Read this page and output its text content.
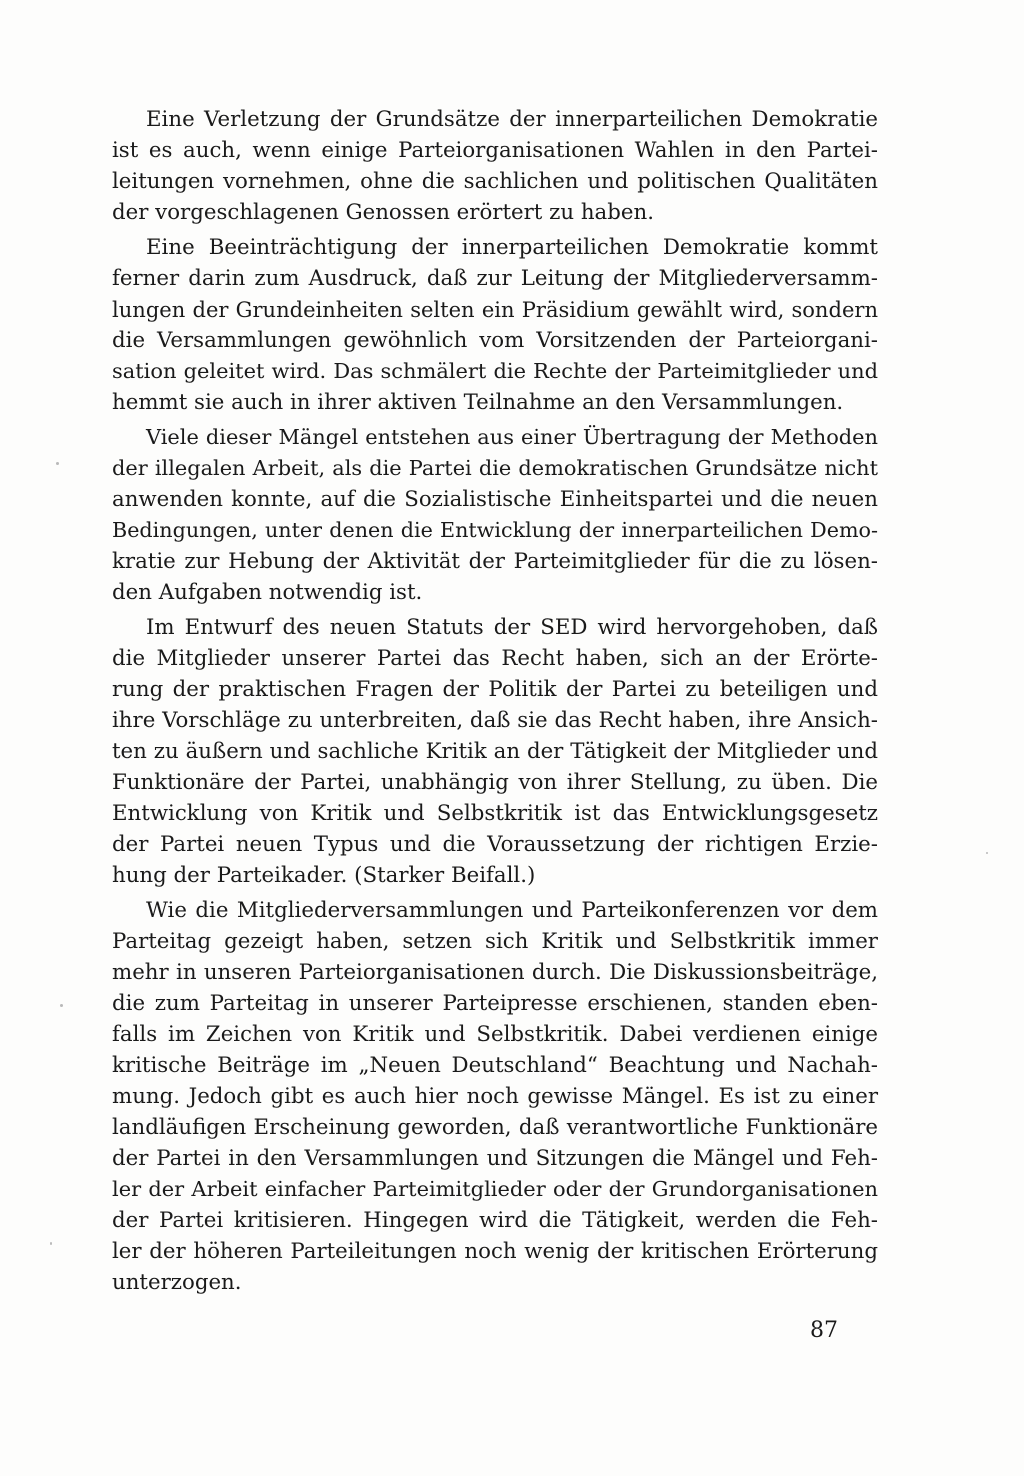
Eine Verletzung der Grundsätze der innerparteilichen Demokratie
ist es auch, wenn einige Parteiorganisationen Wahlen in den Partei-
leitungen vornehmen, ohne die sachlichen und politischen Qualitäten
der vorgeschlagenen Genossen erörtert zu haben.
Eine Beeinträchtigung der innerparteilichen Demokratie kommt
ferner darin zum Ausdruck, daß zur Leitung der Mitgliederversamm-
lungen der Grundeinheiten selten ein Präsidium gewählt wird, sondern
die Versammlungen gewöhnlich vom Vorsitzenden der Parteiorgani-
sation geleitet wird. Das schmälert die Rechte der Parteimitglieder und
hemmt sie auch in ihrer aktiven Teilnahme an den Versammlungen.
Viele dieser Mängel entstehen aus einer Übertragung der Methoden
der illegalen Arbeit, als die Partei die demokratischen Grundsätze nicht
anwenden konnte, auf die Sozialistische Einheitspartei und die neuen
Bedingungen, unter denen die Entwicklung der innerparteilichen Demo-
kratie zur Hebung der Aktivität der Parteimitglieder für die zu lösen-
den Aufgaben notwendig ist.
Im Entwurf des neuen Statuts der SED wird hervorgehoben, daß
die Mitglieder unserer Partei das Recht haben, sich an der Erörte-
rung der praktischen Fragen der Politik der Partei zu beteiligen und
ihre Vorschläge zu unterbreiten, daß sie das Recht haben, ihre Ansich-
ten zu äußern und sachliche Kritik an der Tätigkeit der Mitglieder und
Funktionäre der Partei, unabhängig von ihrer Stellung, zu üben. Die
Entwicklung von Kritik und Selbstkritik ist das Entwicklungsgesetz
der Partei neuen Typus und die Voraussetzung der richtigen Erzie-
hung der Parteikader. (Starker Beifall.)
Wie die Mitgliederversammlungen und Parteikonferenzen vor dem
Parteitag gezeigt haben, setzen sich Kritik und Selbstkritik immer
mehr in unseren Parteiorganisationen durch. Die Diskussionsbeiträge,
die zum Parteitag in unserer Parteipresse erschienen, standen eben-
falls im Zeichen von Kritik und Selbstkritik. Dabei verdienen einige
kritische Beiträge im „Neuen Deutschland“ Beachtung und Nachah-
mung. Jedoch gibt es auch hier noch gewisse Mängel. Es ist zu einer
landläufigen Erscheinung geworden, daß verantwortliche Funktionäre
der Partei in den Versammlungen und Sitzungen die Mängel und Feh-
ler der Arbeit einfacher Parteimitglieder oder der Grundorganisationen
der Partei kritisieren. Hingegen wird die Tätigkeit, werden die Feh-
ler der höheren Parteileitungen noch wenig der kritischen Erörterung
unterzogen.
87
